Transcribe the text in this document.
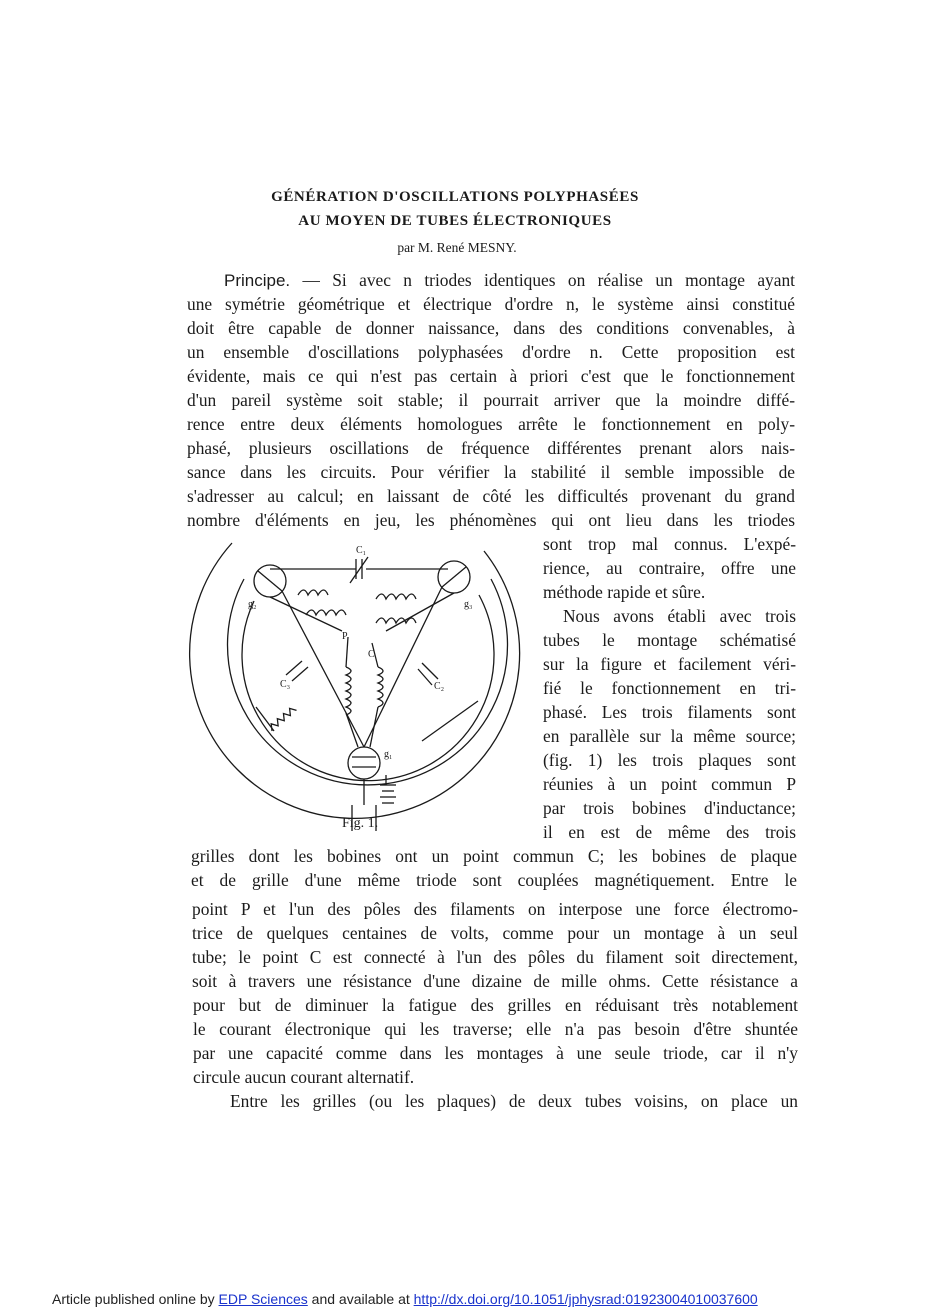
GÉNÉRATION D'OSCILLATIONS POLYPHASÉES
AU MOYEN DE TUBES ÉLECTRONIQUES
par M. René MESNY.
Principe. — Si avec n triodes identiques on réalise un montage ayant
une symétrie géométrique et électrique d'ordre n, le système ainsi constitué
doit être capable de donner naissance, dans des conditions convenables, à
un ensemble d'oscillations polyphasées d'ordre n. Cette proposition est
évidente, mais ce qui n'est pas certain à priori c'est que le fonctionnement
d'un pareil système soit stable; il pourrait arriver que la moindre diffé-
rence entre deux éléments homologues arrête le fonctionnement en poly-
phasé, plusieurs oscillations de fréquence différentes prenant alors nais-
sance dans les circuits. Pour vérifier la stabilité il semble impossible de
s'adresser au calcul; en laissant de côté les difficultés provenant du grand
nombre d'éléments en jeu, les phénomènes qui ont lieu dans les triodes
sont trop mal connus. L'expé-
rience, au contraire, offre une
méthode rapide et sûre.
Nous avons établi avec trois
tubes le montage schématisé
sur la figure et facilement véri-
fié le fonctionnement en tri-
phasé. Les trois filaments sont
en parallèle sur la même source;
(fig. 1) les trois plaques sont
réunies à un point commun P
par trois bobines d'inductance;
il en est de même des trois
C₁
C₂
C₃
g₁
g₂	g₃
P
C
Fig. 1.
grilles dont les bobines ont un point commun C; les bobines de plaque
et de grille d'une même triode sont couplées magnétiquement. Entre le
point P et l'un des pôles des filaments on interpose une force électromo-
trice de quelques centaines de volts, comme pour un montage à un seul
tube; le point C est connecté à l'un des pôles du filament soit directement,
soit à travers une résistance d'une dizaine de mille ohms. Cette résistance a
pour but de diminuer la fatigue des grilles en réduisant très notablement
le courant électronique qui les traverse; elle n'a pas besoin d'être shuntée
par une capacité comme dans les montages à une seule triode, car il n'y
circule aucun courant alternatif.
Entre les grilles (ou les plaques) de deux tubes voisins, on place un
Article published online by EDP Sciences and available at http://dx.doi.org/10.1051/jphysrad:01923004010037600
